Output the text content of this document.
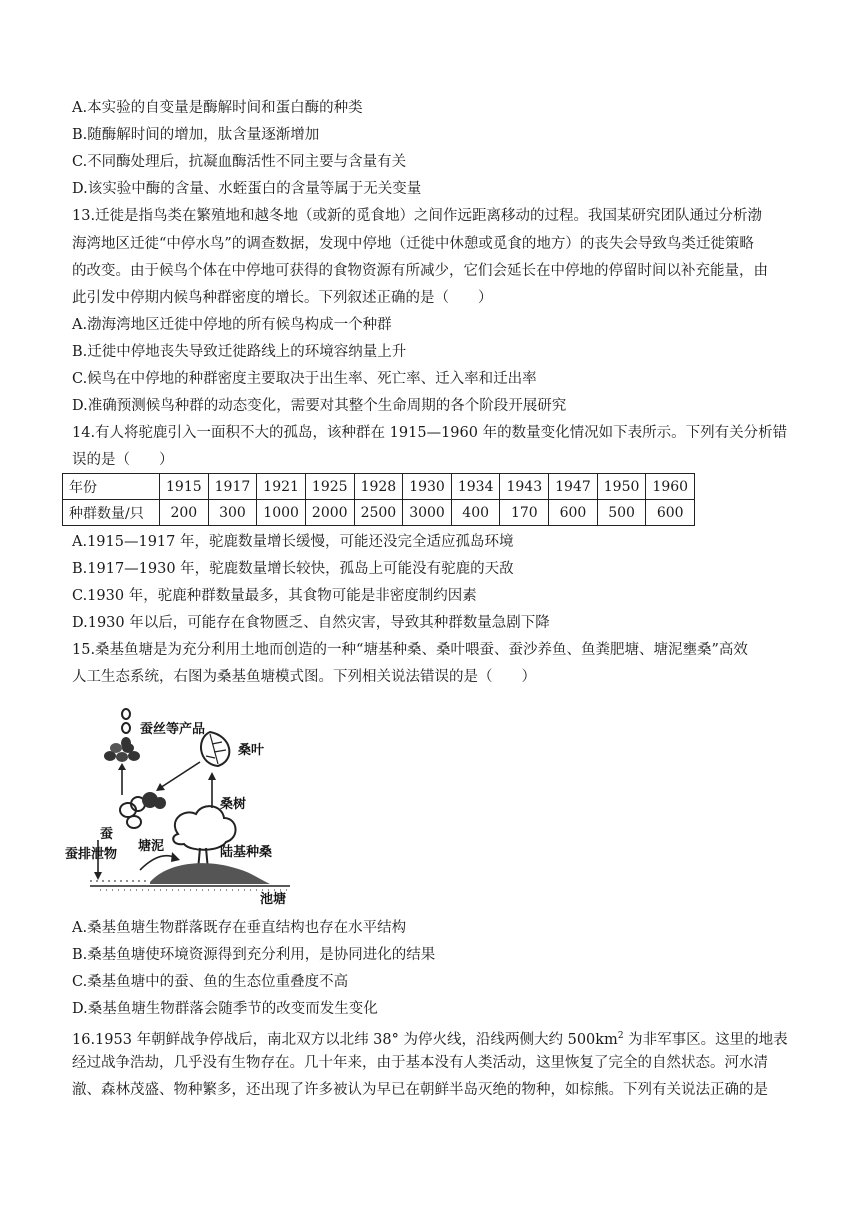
A.本实验的自变量是酶解时间和蛋白酶的种类
B.随酶解时间的增加，肽含量逐渐增加
C.不同酶处理后，抗凝血酶活性不同主要与含量有关
D.该实验中酶的含量、水蛭蛋白的含量等属于无关变量
13.迁徙是指鸟类在繁殖地和越冬地（或新的觅食地）之间作远距离移动的过程。我国某研究团队通过分析渤
海湾地区迁徙“中停水鸟”的调查数据，发现中停地（迁徙中休憩或觅食的地方）的丧失会导致鸟类迁徙策略
的改变。由于候鸟个体在中停地可获得的食物资源有所减少，它们会延长在中停地的停留时间以补充能量，由
此引发中停期内候鸟种群密度的增长。下列叙述正确的是（　　）
A.渤海湾地区迁徙中停地的所有候鸟构成一个种群
B.迁徙中停地丧失导致迁徙路线上的环境容纳量上升
C.候鸟在中停地的种群密度主要取决于出生率、死亡率、迁入率和迁出率
D.准确预测候鸟种群的动态变化，需要对其整个生命周期的各个阶段开展研究
14.有人将驼鹿引入一面积不大的孤岛，该种群在 1915—1960 年的数量变化情况如下表所示。下列有关分析错
误的是（　　）
年份	1915	1917	1921	1925	1928	1930	1934	1943	1947	1950	1960
种群数量/只	200	300	1000	2000	2500	3000	400	170	600	500	600
A.1915—1917 年，驼鹿数量增长缓慢，可能还没完全适应孤岛环境
B.1917—1930 年，驼鹿数量增长较快，孤岛上可能没有驼鹿的天敌
C.1930 年，驼鹿种群数量最多，其食物可能是非密度制约因素
D.1930 年以后，可能存在食物匮乏、自然灾害，导致其种群数量急剧下降
15.桑基鱼塘是为充分利用土地而创造的一种“塘基种桑、桑叶喂蚕、蚕沙养鱼、鱼粪肥塘、塘泥壅桑”高效
人工生态系统，右图为桑基鱼塘模式图。下列相关说法错误的是（　　）
蚕丝等产品
桑叶
蚕
桑树
蚕排泄物
塘泥	陆基种桑
池塘
A.桑基鱼塘生物群落既存在垂直结构也存在水平结构
B.桑基鱼塘使环境资源得到充分利用，是协同进化的结果
C.桑基鱼塘中的蚕、鱼的生态位重叠度不高
D.桑基鱼塘生物群落会随季节的改变而发生变化
16.1953 年朝鲜战争停战后，南北双方以北纬 38° 为停火线，沿线两侧大约 $500km^2$ 为非军事区。这里的地表
经过战争浩劫，几乎没有生物存在。几十年来，由于基本没有人类活动，这里恢复了完全的自然状态。河水清
澈、森林茂盛、物种繁多，还出现了许多被认为早已在朝鲜半岛灭绝的物种，如棕熊。下列有关说法正确的是
